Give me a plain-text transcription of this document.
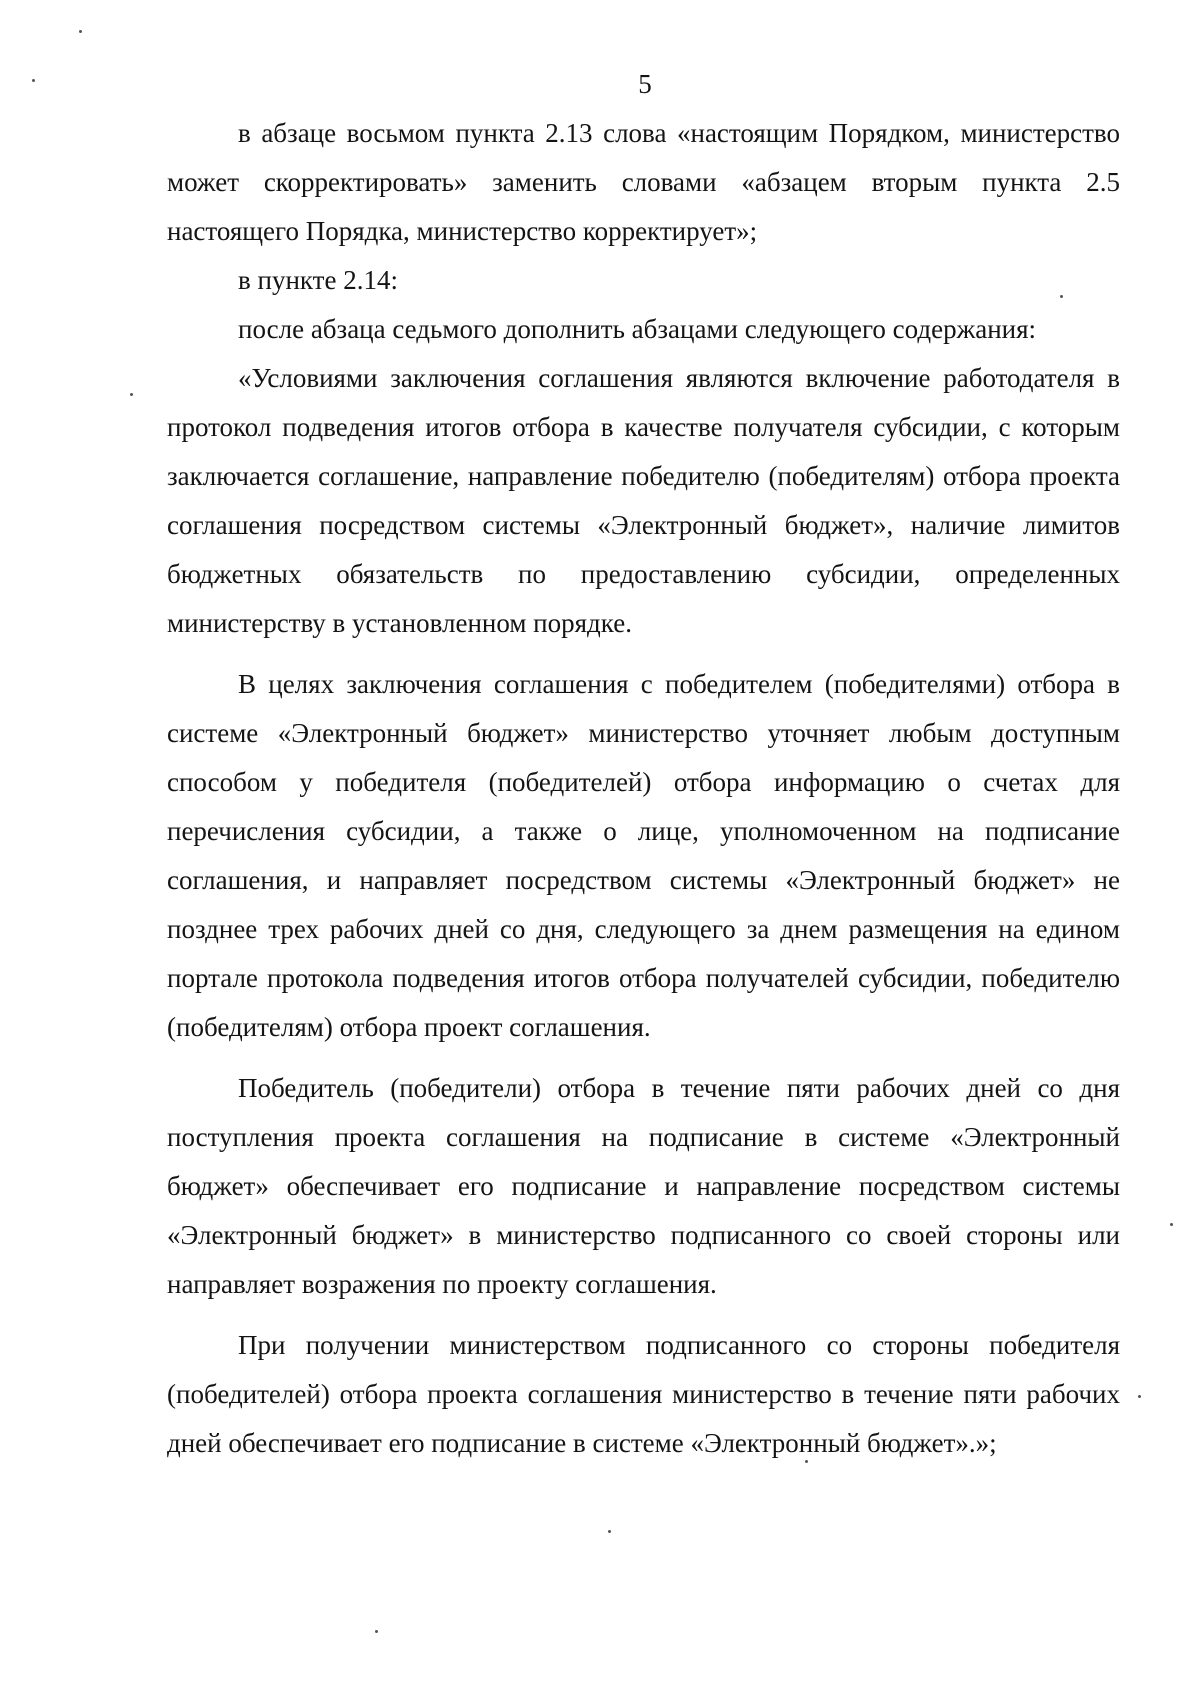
5

в абзаце восьмом пункта 2.13 слова «настоящим Порядком, министерство может скорректировать» заменить словами «абзацем вторым пункта 2.5 настоящего Порядка, министерство корректирует»;

в пункте 2.14:

после абзаца седьмого дополнить абзацами следующего содержания:

«Условиями заключения соглашения являются включение работодателя в протокол подведения итогов отбора в качестве получателя субсидии, с которым заключается соглашение, направление победителю (победителям) отбора проекта соглашения посредством системы «Электронный бюджет», наличие лимитов бюджетных обязательств по предоставлению субсидии, определенных министерству в установленном порядке.

В целях заключения соглашения с победителем (победителями) отбора в системе «Электронный бюджет» министерство уточняет любым доступным способом у победителя (победителей) отбора информацию о счетах для перечисления субсидии, а также о лице, уполномоченном на подписание соглашения, и направляет посредством системы «Электронный бюджет» не позднее трех рабочих дней со дня, следующего за днем размещения на едином портале протокола подведения итогов отбора получателей субсидии, победителю (победителям) отбора проект соглашения.

Победитель (победители) отбора в течение пяти рабочих дней со дня поступления проекта соглашения на подписание в системе «Электронный бюджет» обеспечивает его подписание и направление посредством системы «Электронный бюджет» в министерство подписанного со своей стороны или направляет возражения по проекту соглашения.

При получении министерством подписанного со стороны победителя (победителей) отбора проекта соглашения министерство в течение пяти рабочих дней обеспечивает его подписание в системе «Электронный бюджет».»;
